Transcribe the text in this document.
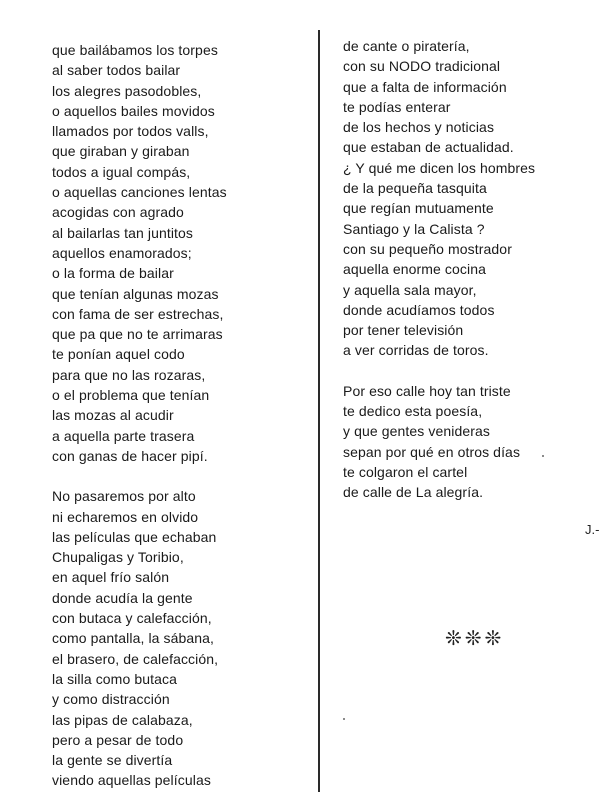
que bailábamos los torpes
al saber todos bailar
los alegres pasodobles,
o aquellos bailes movidos
llamados por todos valls,
que giraban y giraban
todos a igual compás,
o aquellas canciones lentas
acogidas con agrado
al bailarlas tan juntitos
aquellos enamorados;
o la forma de bailar
que tenían algunas mozas
con fama de ser estrechas,
que pa que no te arrimaras
te ponían aquel codo
para que no las rozaras,
o el problema que tenían
las mozas al acudir
a aquella parte trasera
con ganas de hacer pipí.
No pasaremos por alto
ni echaremos en olvido
las películas que echaban
Chupaligas y Toribio,
en aquel frío salón
donde acudía la gente
con butaca y calefacción,
como pantalla, la sábana,
el brasero, de calefacción,
la silla como butaca
y como distracción
las pipas de calabaza,
pero a pesar de todo
la gente se divertía
viendo aquellas películas
de cante o piratería,
con su NODO tradicional
que a falta de información
te podías enterar
de los hechos y noticias
que estaban de actualidad.
¿ Y qué me dicen los hombres
de la pequeña tasquita
que regían mutuamente
Santiago y la Calista ?
con su pequeño mostrador
aquella enorme cocina
y aquella sala mayor,
donde acudíamos todos
por tener televisión
a ver corridas de toros.
Por eso calle hoy tan triste
te dedico esta poesía,
y que gentes venideras
sepan por qué en otros días
te colgaron el cartel
de calle de La alegría.
J.-
❊❊❊
